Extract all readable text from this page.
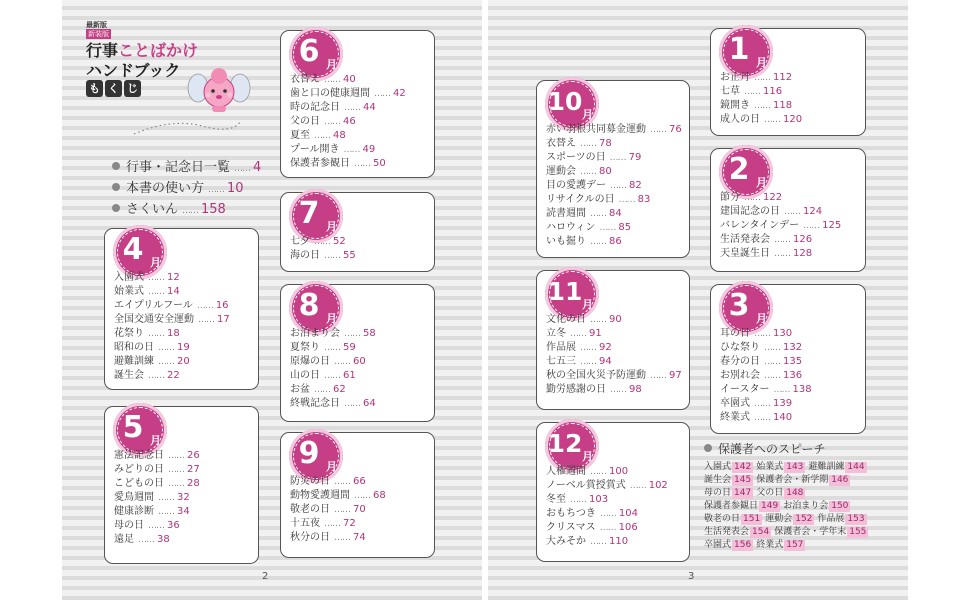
最新版
新装版
行事ことばかけ
ハンドブック
も く じ
行事・記念日一覧 …… 4
本書の使い方 …… 10
さくいん …… 158
4 月
入園式 …… 12
始業式 …… 14
エイプリルフール …… 16
全国交通安全運動 …… 17
花祭り …… 18
昭和の日 …… 19
避難訓練 …… 20
誕生会 …… 22
5 月
憲法記念日 …… 26
みどりの日 …… 27
こどもの日 …… 28
愛鳥週間 …… 32
健康診断 …… 34
母の日 …… 36
遠足 …… 38
6 月
衣替え …… 40
歯と口の健康週間 …… 42
時の記念日 …… 44
父の日 …… 46
夏至 …… 48
プール開き …… 49
保護者参観日 …… 50
7 月
七夕 …… 52
海の日 …… 55
8 月
お泊まり会 …… 58
夏祭り …… 59
原爆の日 …… 60
山の日 …… 61
お盆 …… 62
終戦記念日 …… 64
9 月
防災の日 …… 66
動物愛護週間 …… 68
敬老の日 …… 70
十五夜 …… 72
秋分の日 …… 74
2
10 月
赤い羽根共同募金運動 …… 76
衣替え …… 78
スポーツの日 …… 79
運動会 …… 80
目の愛護デー …… 82
リサイクルの日 …… 83
読書週間 …… 84
ハロウィン …… 85
いも掘り …… 86
11 月
文化の日 …… 90
立冬 …… 91
作品展 …… 92
七五三 …… 94
秋の全国火災予防運動 …… 97
勤労感謝の日 …… 98
12 月
人権週間 …… 100
ノーベル賞授賞式 …… 102
冬至 …… 103
おもちつき …… 104
クリスマス …… 106
大みそか …… 110
1 月
お正月 …… 112
七草 …… 116
鏡開き …… 118
成人の日 …… 120
2 月
節分 …… 122
建国記念の日 …… 124
バレンタインデー …… 125
生活発表会 …… 126
天皇誕生日 …… 128
3 月
耳の日 …… 130
ひな祭り …… 132
春分の日 …… 135
お別れ会 …… 136
イースター …… 138
卒園式 …… 139
終業式 …… 140
保護者へのスピーチ
入園式 142 始業式 143 避難訓練 144
誕生会 145 保護者会・新学期 146
母の日 147 父の日 148
保護者参観日 149 お泊まり会 150
敬老の日 151 運動会 152 作品展 153
生活発表会 154 保護者会・学年末 155
卒園式 156 終業式 157
3
